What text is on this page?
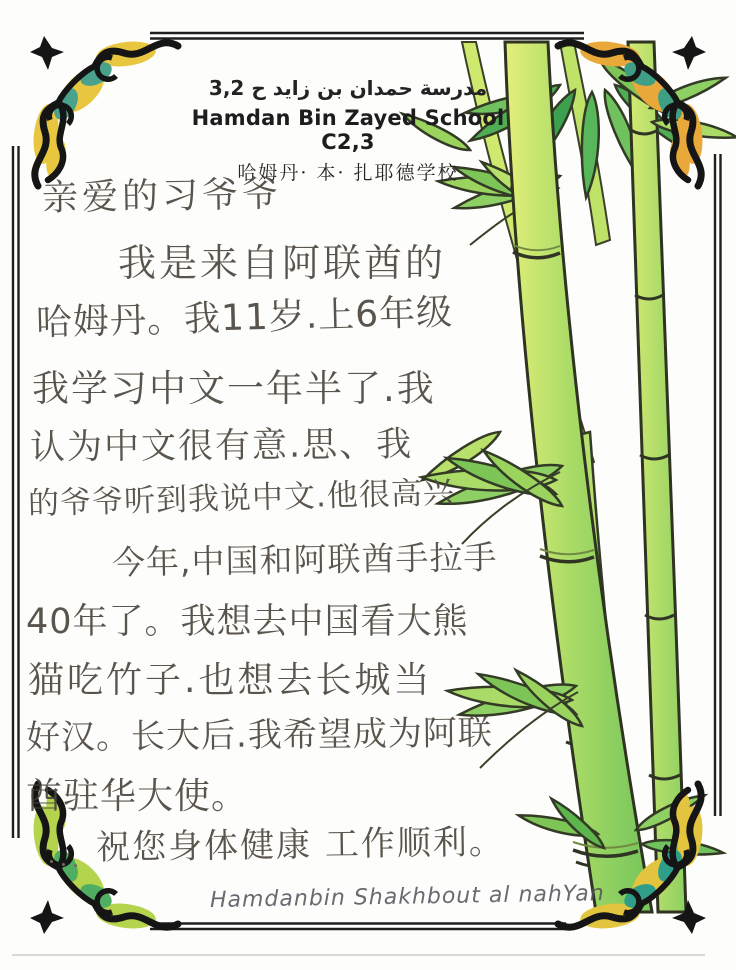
مدرسة حمدان بن زايد ح 3,2
Hamdan Bin Zayed School C2,3
哈姆丹· 本· 扎耶德学校
亲爱的习爷爷
我是来自阿联酋的
哈姆丹。我11岁.上6年级
我学习中文一年半了.我
认为中文很有意.思、我
的爷爷听到我说中文.他很高兴
今年,中国和阿联酋手拉手
40年了。我想去中国看大熊
猫吃竹子.也想去长城当
好汉。长大后.我希望成为阿联
酋驻华大使。
祝您身体健康 工作顺利。
Hamdanbin Shakhbout al nahYan
